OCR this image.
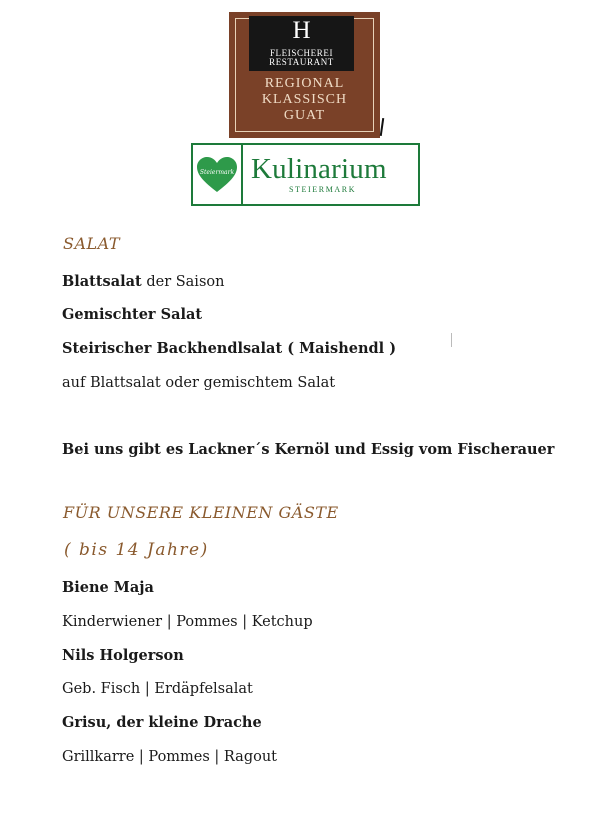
H
FLEISCHEREI
RESTAURANT
REGIONAL
KLASSISCH
GUAT
Steiermark Kulinarium
STEIERMARK
SALAT
Blattsalat der Saison
Gemischter Salat
Steirischer Backhendlsalat ( Maishendl )
auf Blattsalat oder gemischtem Salat
Bei uns gibt es Lackner´s Kernöl und Essig vom Fischerauer
FÜR UNSERE KLEINEN GÄSTE
( bis 14 Jahre)
Biene Maja
Kinderwiener | Pommes | Ketchup
Nils Holgerson
Geb. Fisch | Erdäpfelsalat
Grisu, der kleine Drache
Grillkarre | Pommes | Ragout
